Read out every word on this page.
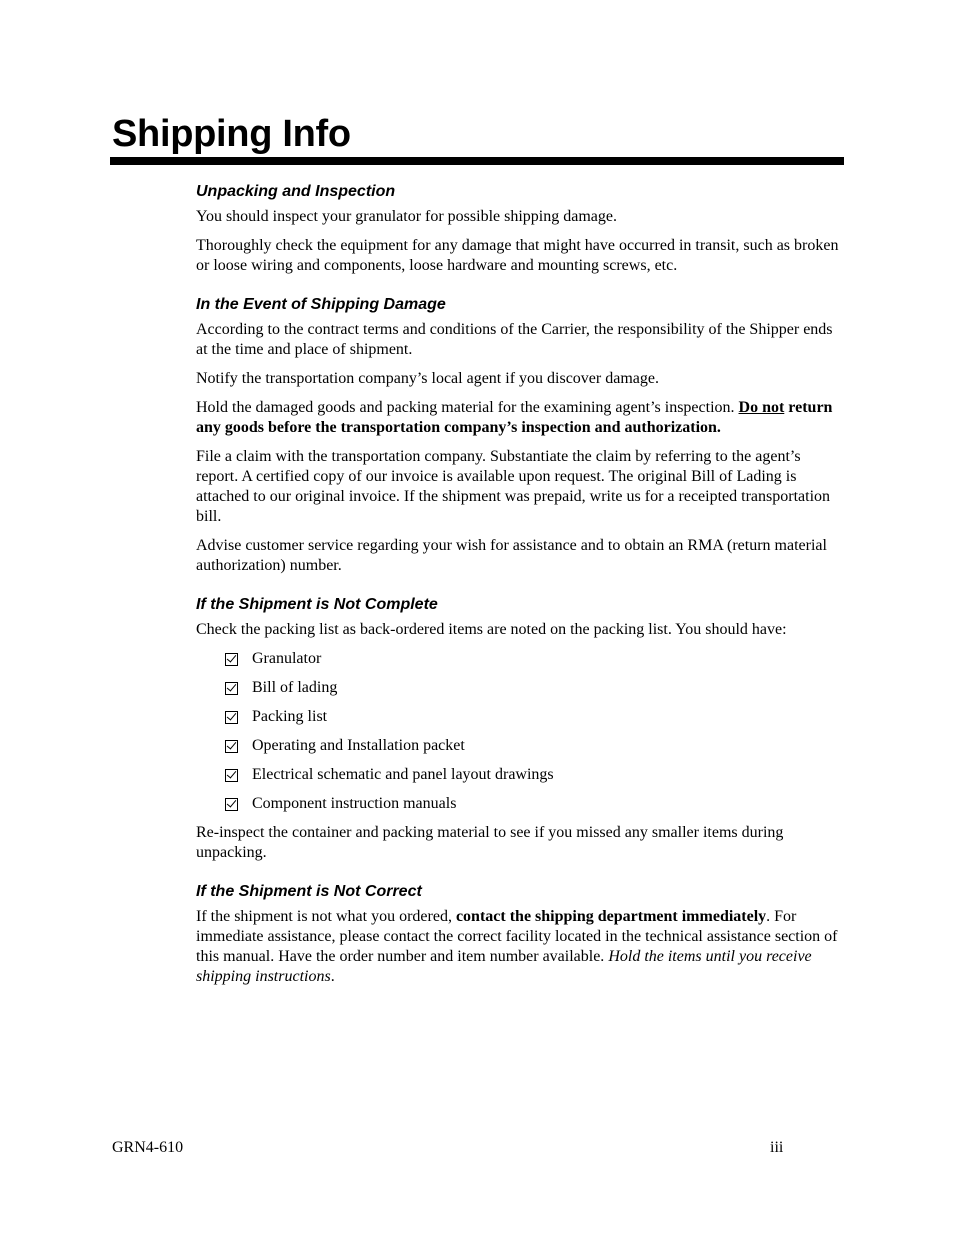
Shipping Info
Unpacking and Inspection

You should inspect your granulator for possible shipping damage.

Thoroughly check the equipment for any damage that might have occurred in transit, such as broken or loose wiring and components, loose hardware and mounting screws, etc.

In the Event of Shipping Damage

According to the contract terms and conditions of the Carrier, the responsibility of the Shipper ends at the time and place of shipment.

Notify the transportation company’s local agent if you discover damage.

Hold the damaged goods and packing material for the examining agent’s inspection. Do not return any goods before the transportation company’s inspection and authorization.

File a claim with the transportation company. Substantiate the claim by referring to the agent’s report. A certified copy of our invoice is available upon request. The original Bill of Lading is attached to our original invoice. If the shipment was prepaid, write us for a receipted transportation bill.

Advise customer service regarding your wish for assistance and to obtain an RMA (return material authorization) number.

If the Shipment is Not Complete

Check the packing list as back-ordered items are noted on the packing list. You should have:

Granulator
Bill of lading
Packing list
Operating and Installation packet
Electrical schematic and panel layout drawings
Component instruction manuals

Re-inspect the container and packing material to see if you missed any smaller items during unpacking.

If the Shipment is Not Correct

If the shipment is not what you ordered, contact the shipping department immediately. For immediate assistance, please contact the correct facility located in the technical assistance section of this manual. Have the order number and item number available. Hold the items until you receive shipping instructions.

GRN4-610	iii
